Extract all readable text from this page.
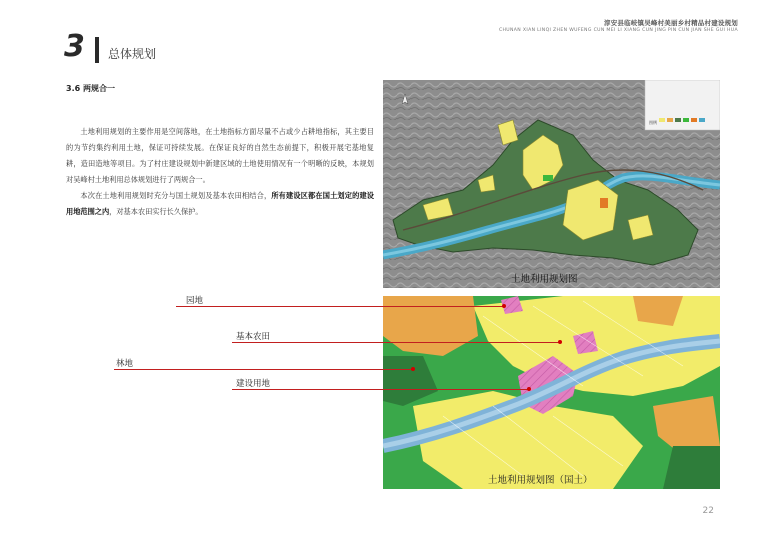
淳安县临岐镇吴峰村美丽乡村精品村建设规划
CHUNAN XIAN LINQI ZHEN WUFENG CUN MEI LI XIANG CUN JING PIN CUN JIAN SHE GUI HUA
3 总体规划
3.6 两规合一

土地利用规划的主要作用是空间落地，在土地指标方面尽量不占或少占耕地指标，其主要目的为节约集约利用土地，保证可持续发展。在保证良好的自然生态前提下，积极开展宅基地复耕，造田造地等项目。为了村庄建设规划中新建区域的土地使用情况有一个明晰的反映，本规划对吴峰村土地利用总体规划进行了两规合一。

本次在土地利用规划时充分与国土规划及基本农田相结合，所有建设区都在国土划定的建设用地范围之内，对基本农田实行长久保护。

图例
土地利用规划图
土地利用规划图（国土）
园地
基本农田
林地
建设用地
22
